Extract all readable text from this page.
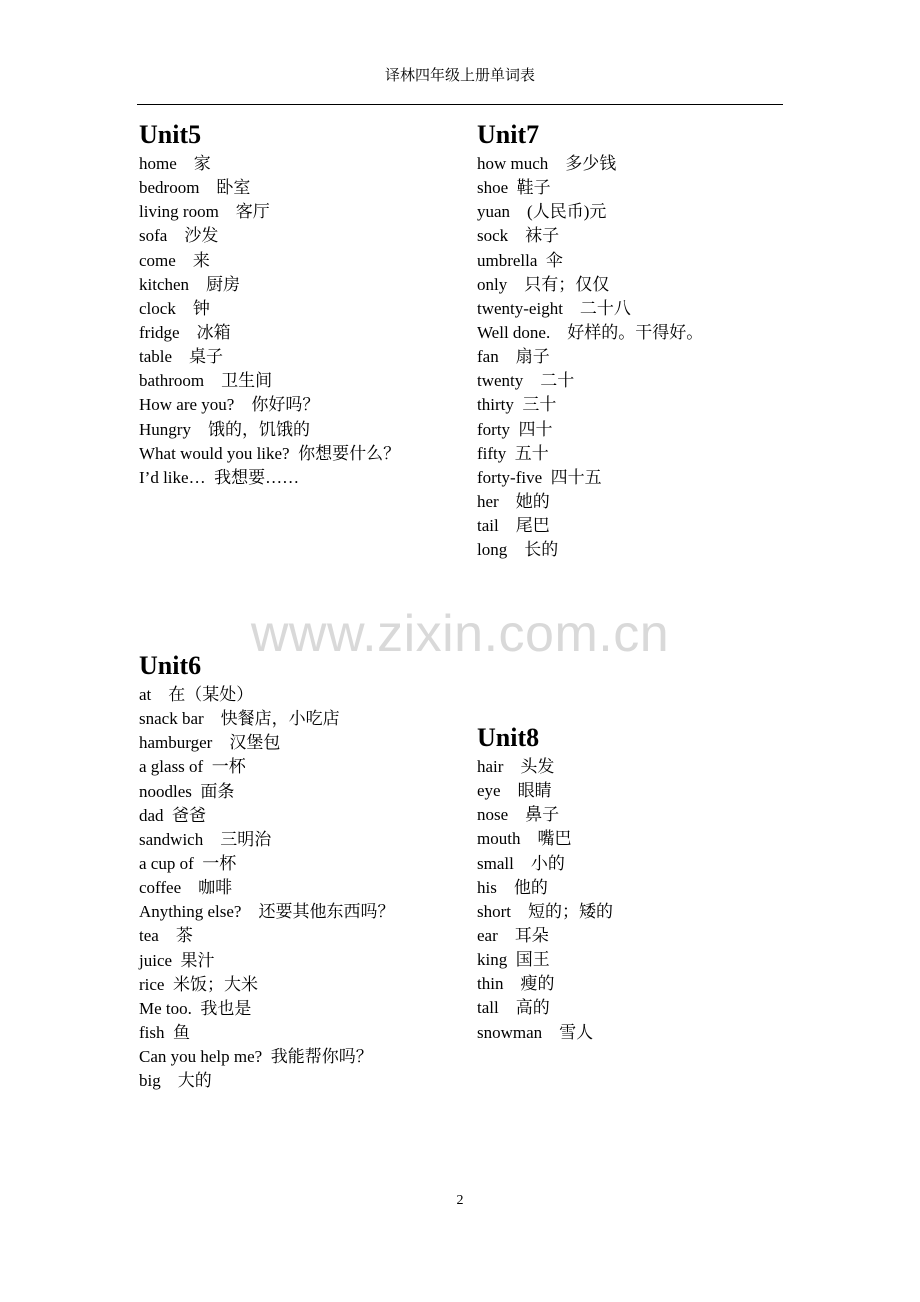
译林四年级上册单词表
www.zixin.com.cn
Unit5
home    家
bedroom    卧室
living room    客厅
sofa    沙发
come    来
kitchen    厨房
clock    钟
fridge    冰箱
table    桌子
bathroom    卫生间
How are you?    你好吗？
Hungry    饿的，饥饿的
What would you like?  你想要什么？
I’d like…  我想要……
Unit7
how much    多少钱
shoe  鞋子
yuan    (人民币)元
sock    袜子
umbrella  伞
only    只有；仅仅
twenty-eight    二十八
Well done.    好样的。干得好。
fan    扇子
twenty    二十
thirty  三十
forty  四十
fifty  五十
forty-five  四十五
her    她的
tail    尾巴
long    长的
Unit6
at    在（某处）
snack bar    快餐店，小吃店
hamburger    汉堡包
a glass of  一杯
noodles  面条
dad  爸爸
sandwich    三明治
a cup of  一杯
coffee    咖啡
Anything else?    还要其他东西吗？
tea    茶
juice  果汁
rice  米饭；大米
Me too.  我也是
fish  鱼
Can you help me?  我能帮你吗？
big    大的
Unit8
hair    头发
eye    眼睛
nose    鼻子
mouth    嘴巴
small    小的
his    他的
short    短的；矮的
ear    耳朵
king  国王
thin    瘦的
tall    高的
snowman    雪人
2
